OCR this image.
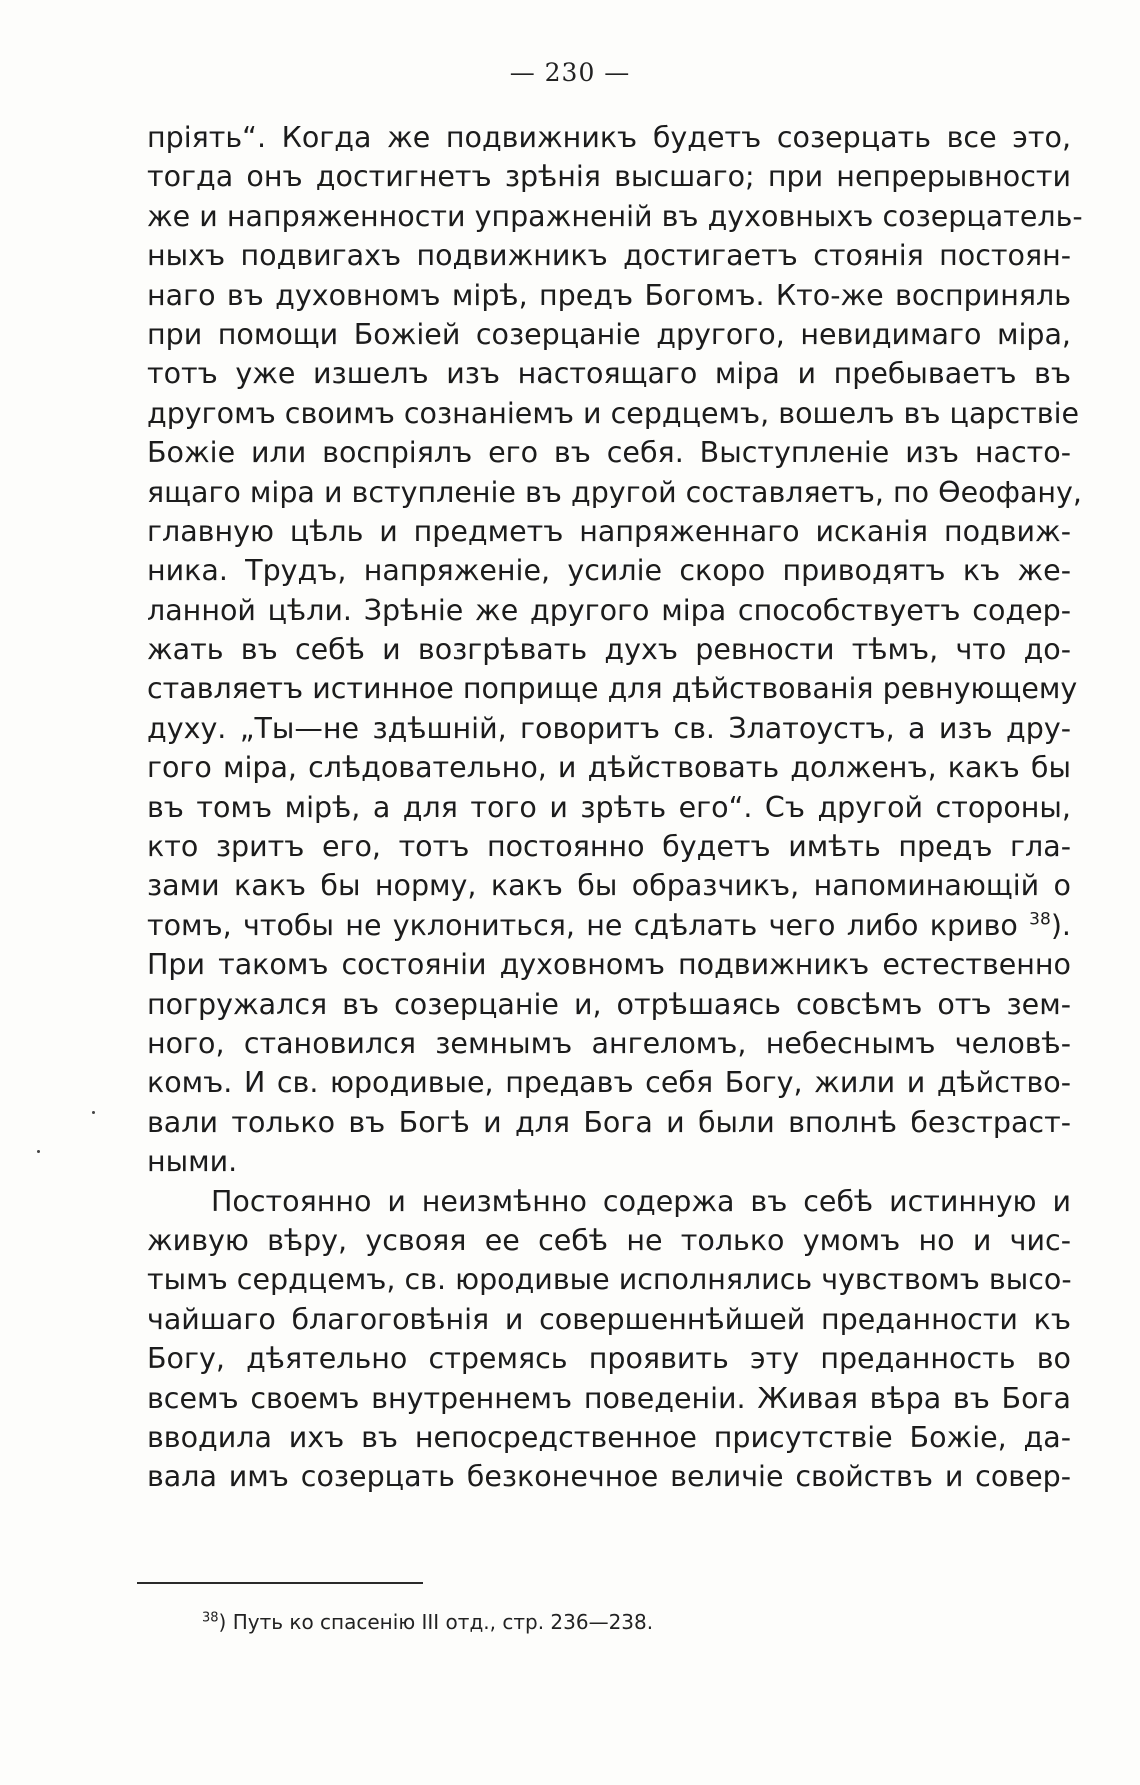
— 230 —
пріять“. Когда же подвижникъ будетъ созерцать все это,
тогда онъ достигнетъ зрѣнія высшаго; при непрерывности
же и напряженности упражненій въ духовныхъ созерцатель-
ныхъ подвигахъ подвижникъ достигаетъ стоянія постоян-
наго въ духовномъ мірѣ, предъ Богомъ. Кто-же восприняль
при помощи Божіей созерцаніе другого, невидимаго міра,
тотъ уже изшелъ изъ настоящаго міра и пребываетъ въ
другомъ своимъ сознаніемъ и сердцемъ, вошелъ въ царствіе
Божіе или воспріялъ его въ себя. Выступленіе изъ насто-
ящаго міра и вступленіе въ другой составляетъ, по Ѳеофану,
главную цѣль и предметъ напряженнаго исканія подвиж-
ника. Трудъ, напряженіе, усиліе скоро приводятъ къ же-
ланной цѣли. Зрѣніе же другого міра способствуетъ содер-
жать въ себѣ и возгрѣвать духъ ревности тѣмъ, что до-
ставляетъ истинное поприще для дѣйствованія ревнующему
духу. „Ты—не здѣшній, говоритъ св. Златоустъ, а изъ дру-
гого міра, слѣдовательно, и дѣйствовать долженъ, какъ бы
въ томъ мірѣ, а для того и зрѣть его“. Съ другой стороны,
кто зритъ его, тотъ постоянно будетъ имѣть предъ гла-
зами какъ бы норму, какъ бы образчикъ, напоминающій о
томъ, чтобы не уклониться, не сдѣлать чего либо криво $^{38}$).
При такомъ состояніи духовномъ подвижникъ естественно
погружался въ созерцаніе и, отрѣшаясь совсѣмъ отъ зем-
ного, становился земнымъ ангеломъ, небеснымъ человѣ-
комъ. И св. юродивые, предавъ себя Богу, жили и дѣйство-
вали только въ Богѣ и для Бога и были вполнѣ безстраст-
ными.
Постоянно и неизмѣнно содержа въ себѣ истинную и
живую вѣру, усвояя ее себѣ не только умомъ но и чис-
тымъ сердцемъ, св. юродивые исполнялись чувствомъ высо-
чайшаго благоговѣнія и совершеннѣйшей преданности къ
Богу, дѣятельно стремясь проявить эту преданность во
всемъ своемъ внутреннемъ поведеніи. Живая вѣра въ Бога
вводила ихъ въ непосредственное присутствіе Божіе, да-
вала имъ созерцать безконечное величіе свойствъ и совер-
$^{38}$) Путь ко спасенію III отд., стр. 236—238.
